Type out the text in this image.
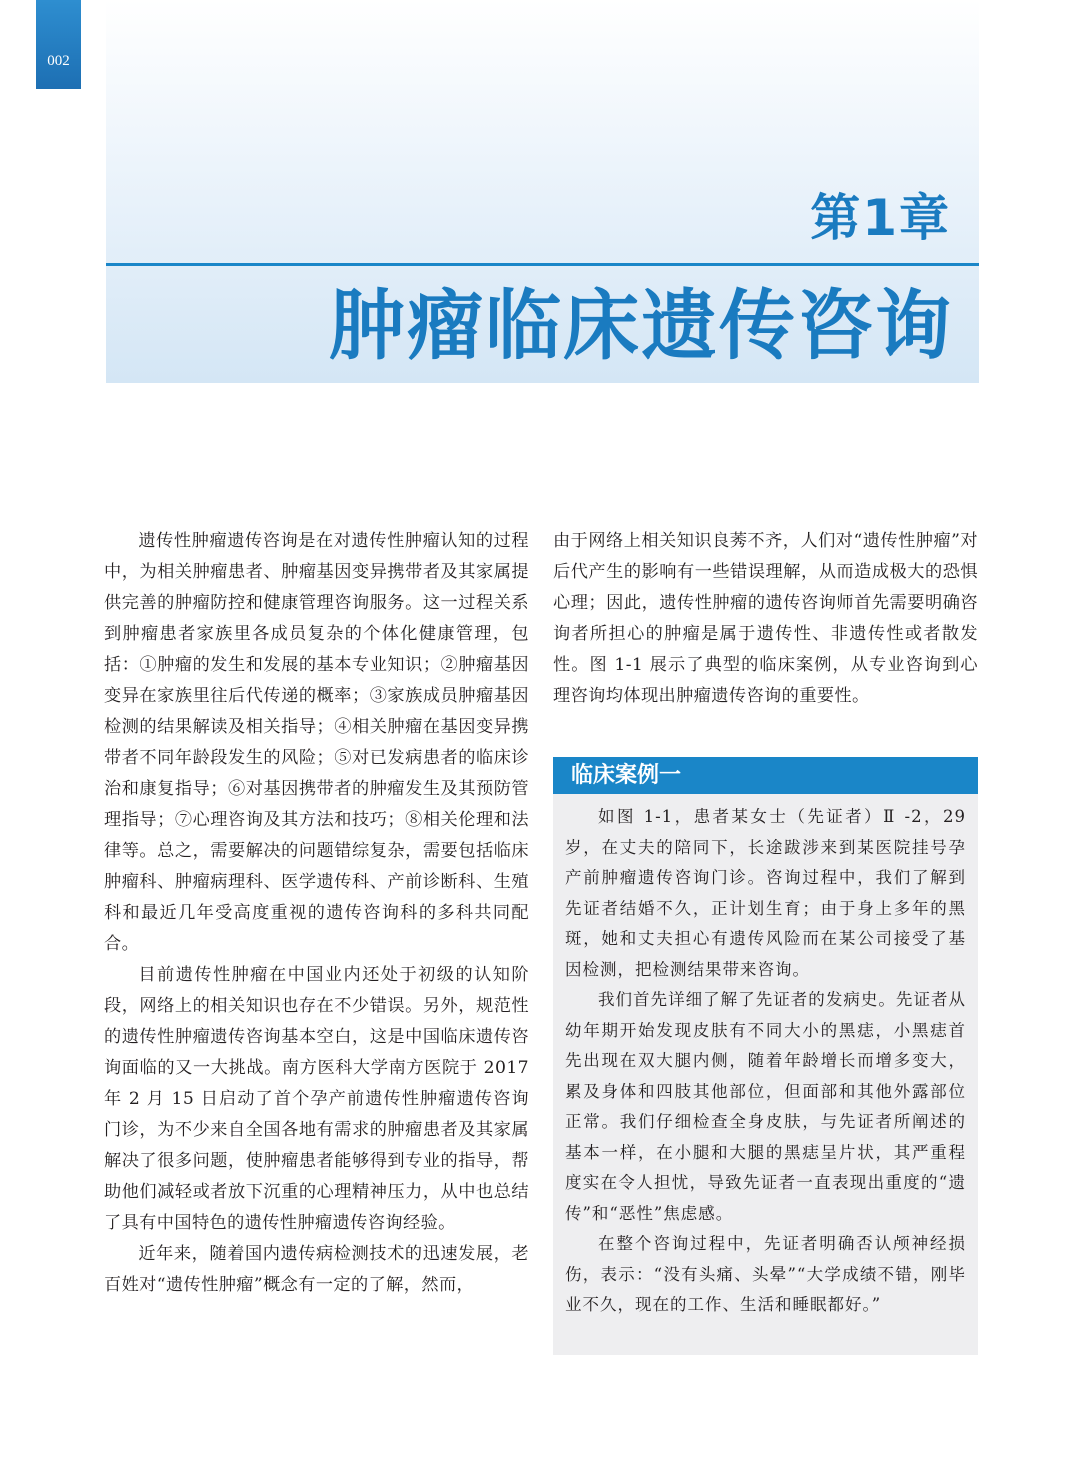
002
第1章
肿瘤临床遗传咨询

遗传性肿瘤遗传咨询是在对遗传性肿瘤认知的过程中，为相关肿瘤患者、肿瘤基因变异携带者及其家属提供完善的肿瘤防控和健康管理咨询服务。这一过程关系到肿瘤患者家族里各成员复杂的个体化健康管理，包括：①肿瘤的发生和发展的基本专业知识；②肿瘤基因变异在家族里往后代传递的概率；③家族成员肿瘤基因检测的结果解读及相关指导；④相关肿瘤在基因变异携带者不同年龄段发生的风险；⑤对已发病患者的临床诊治和康复指导；⑥对基因携带者的肿瘤发生及其预防管理指导；⑦心理咨询及其方法和技巧；⑧相关伦理和法律等。总之，需要解决的问题错综复杂，需要包括临床肿瘤科、肿瘤病理科、医学遗传科、产前诊断科、生殖科和最近几年受高度重视的遗传咨询科的多科共同配合。

目前遗传性肿瘤在中国业内还处于初级的认知阶段，网络上的相关知识也存在不少错误。另外，规范性的遗传性肿瘤遗传咨询基本空白，这是中国临床遗传咨询面临的又一大挑战。南方医科大学南方医院于 2017 年 2 月 15 日启动了首个孕产前遗传性肿瘤遗传咨询门诊，为不少来自全国各地有需求的肿瘤患者及其家属解决了很多问题，使肿瘤患者能够得到专业的指导，帮助他们减轻或者放下沉重的心理精神压力，从中也总结了具有中国特色的遗传性肿瘤遗传咨询经验。

近年来，随着国内遗传病检测技术的迅速发展，老百姓对“遗传性肿瘤”概念有一定的了解，然而，

由于网络上相关知识良莠不齐，人们对“遗传性肿瘤”对后代产生的影响有一些错误理解，从而造成极大的恐惧心理；因此，遗传性肿瘤的遗传咨询师首先需要明确咨询者所担心的肿瘤是属于遗传性、非遗传性或者散发性。图 1-1 展示了典型的临床案例，从专业咨询到心理咨询均体现出肿瘤遗传咨询的重要性。

临床案例一

如图 1-1，患者某女士（先证者）Ⅱ -2，29 岁，在丈夫的陪同下，长途跋涉来到某医院挂号孕产前肿瘤遗传咨询门诊。咨询过程中，我们了解到先证者结婚不久，正计划生育；由于身上多年的黑斑，她和丈夫担心有遗传风险而在某公司接受了基因检测，把检测结果带来咨询。

我们首先详细了解了先证者的发病史。先证者从幼年期开始发现皮肤有不同大小的黑痣，小黑痣首先出现在双大腿内侧，随着年龄增长而增多变大，累及身体和四肢其他部位，但面部和其他外露部位正常。我们仔细检查全身皮肤，与先证者所阐述的基本一样，在小腿和大腿的黑痣呈片状，其严重程度实在令人担忧，导致先证者一直表现出重度的“遗传”和“恶性”焦虑感。

在整个咨询过程中，先证者明确否认颅神经损伤，表示：“没有头痛、头晕”“大学成绩不错，刚毕业不久，现在的工作、生活和睡眠都好。”
